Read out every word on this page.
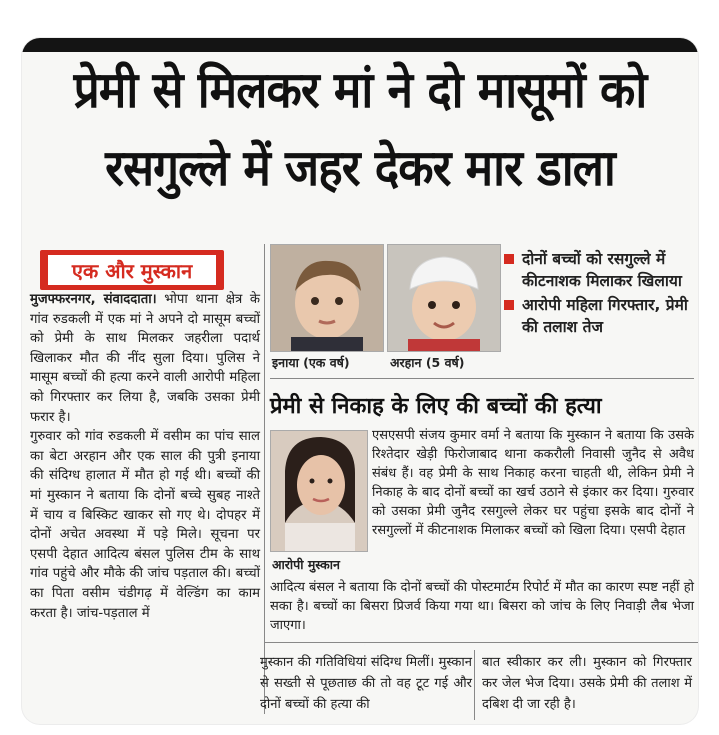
प्रेमी से मिलकर मां ने दो मासूमों को
रसगुल्ले में जहर देकर मार डाला
एक और मुस्कान

मुजफ्फरनगर, संवाददाता। भोपा थाना क्षेत्र के गांव रुडकली में एक मां ने अपने दो मासूम बच्चों को प्रेमी के साथ मिलकर जहरीला पदार्थ खिलाकर मौत की नींद सुला दिया। पुलिस ने मासूम बच्चों की हत्या करने वाली आरोपी महिला को गिरफ्तार कर लिया है, जबकि उसका प्रेमी फरार है।

गुरुवार को गांव रुडकली में वसीम का पांच साल का बेटा अरहान और एक साल की पुत्री इनाया की संदिग्ध हालात में मौत हो गई थी। बच्चों की मां मुस्कान ने बताया कि दोनों बच्चे सुबह नाश्ते में चाय व बिस्किट खाकर सो गए थे। दोपहर में दोनों अचेत अवस्था में पड़े मिले। सूचना पर एसपी देहात आदित्य बंसल पुलिस टीम के साथ गांव पहुंचे और मौके की जांच पड़ताल की। बच्चों का पिता वसीम चंडीगढ़ में वेल्डिंग का काम करता है। जांच-पड़ताल में

इनाया (एक वर्ष)	अरहान (5 वर्ष)
दोनों बच्चों को रसगुल्ले में कीटनाशक मिलाकर खिलाया
आरोपी महिला गिरफ्तार, प्रेमी की तलाश तेज
प्रेमी से निकाह के लिए की बच्चों की हत्या
आरोपी मुस्कान
एसएसपी संजय कुमार वर्मा ने बताया कि मुस्कान ने बताया कि उसके रिश्तेदार खेड़ी फिरोजाबाद थाना ककरौली निवासी जुनैद से अवैध संबंध हैं। वह प्रेमी के साथ निकाह करना चाहती थी, लेकिन प्रेमी ने निकाह के बाद दोनों बच्चों का खर्च उठाने से इंकार कर दिया। गुरुवार को उसका प्रेमी जुनैद रसगुल्ले लेकर घर पहुंचा इसके बाद दोनों ने रसगुल्लों में कीटनाशक मिलाकर बच्चों को खिला दिया। एसपी देहात
आदित्य बंसल ने बताया कि दोनों बच्चों की पोस्टमार्टम रिपोर्ट में मौत का कारण स्पष्ट नहीं हो सका है। बच्चों का बिसरा प्रिजर्व किया गया था। बिसरा को जांच के लिए निवाड़ी लैब भेजा जाएगा।
मुस्कान की गतिविधियां संदिग्ध मिलीं। मुस्कान से सख्ती से पूछताछ की तो वह टूट गई और दोनों बच्चों की हत्या की
बात स्वीकार कर ली। मुस्कान को गिरफ्तार कर जेल भेज दिया। उसके प्रेमी की तलाश में दबिश दी जा रही है।
